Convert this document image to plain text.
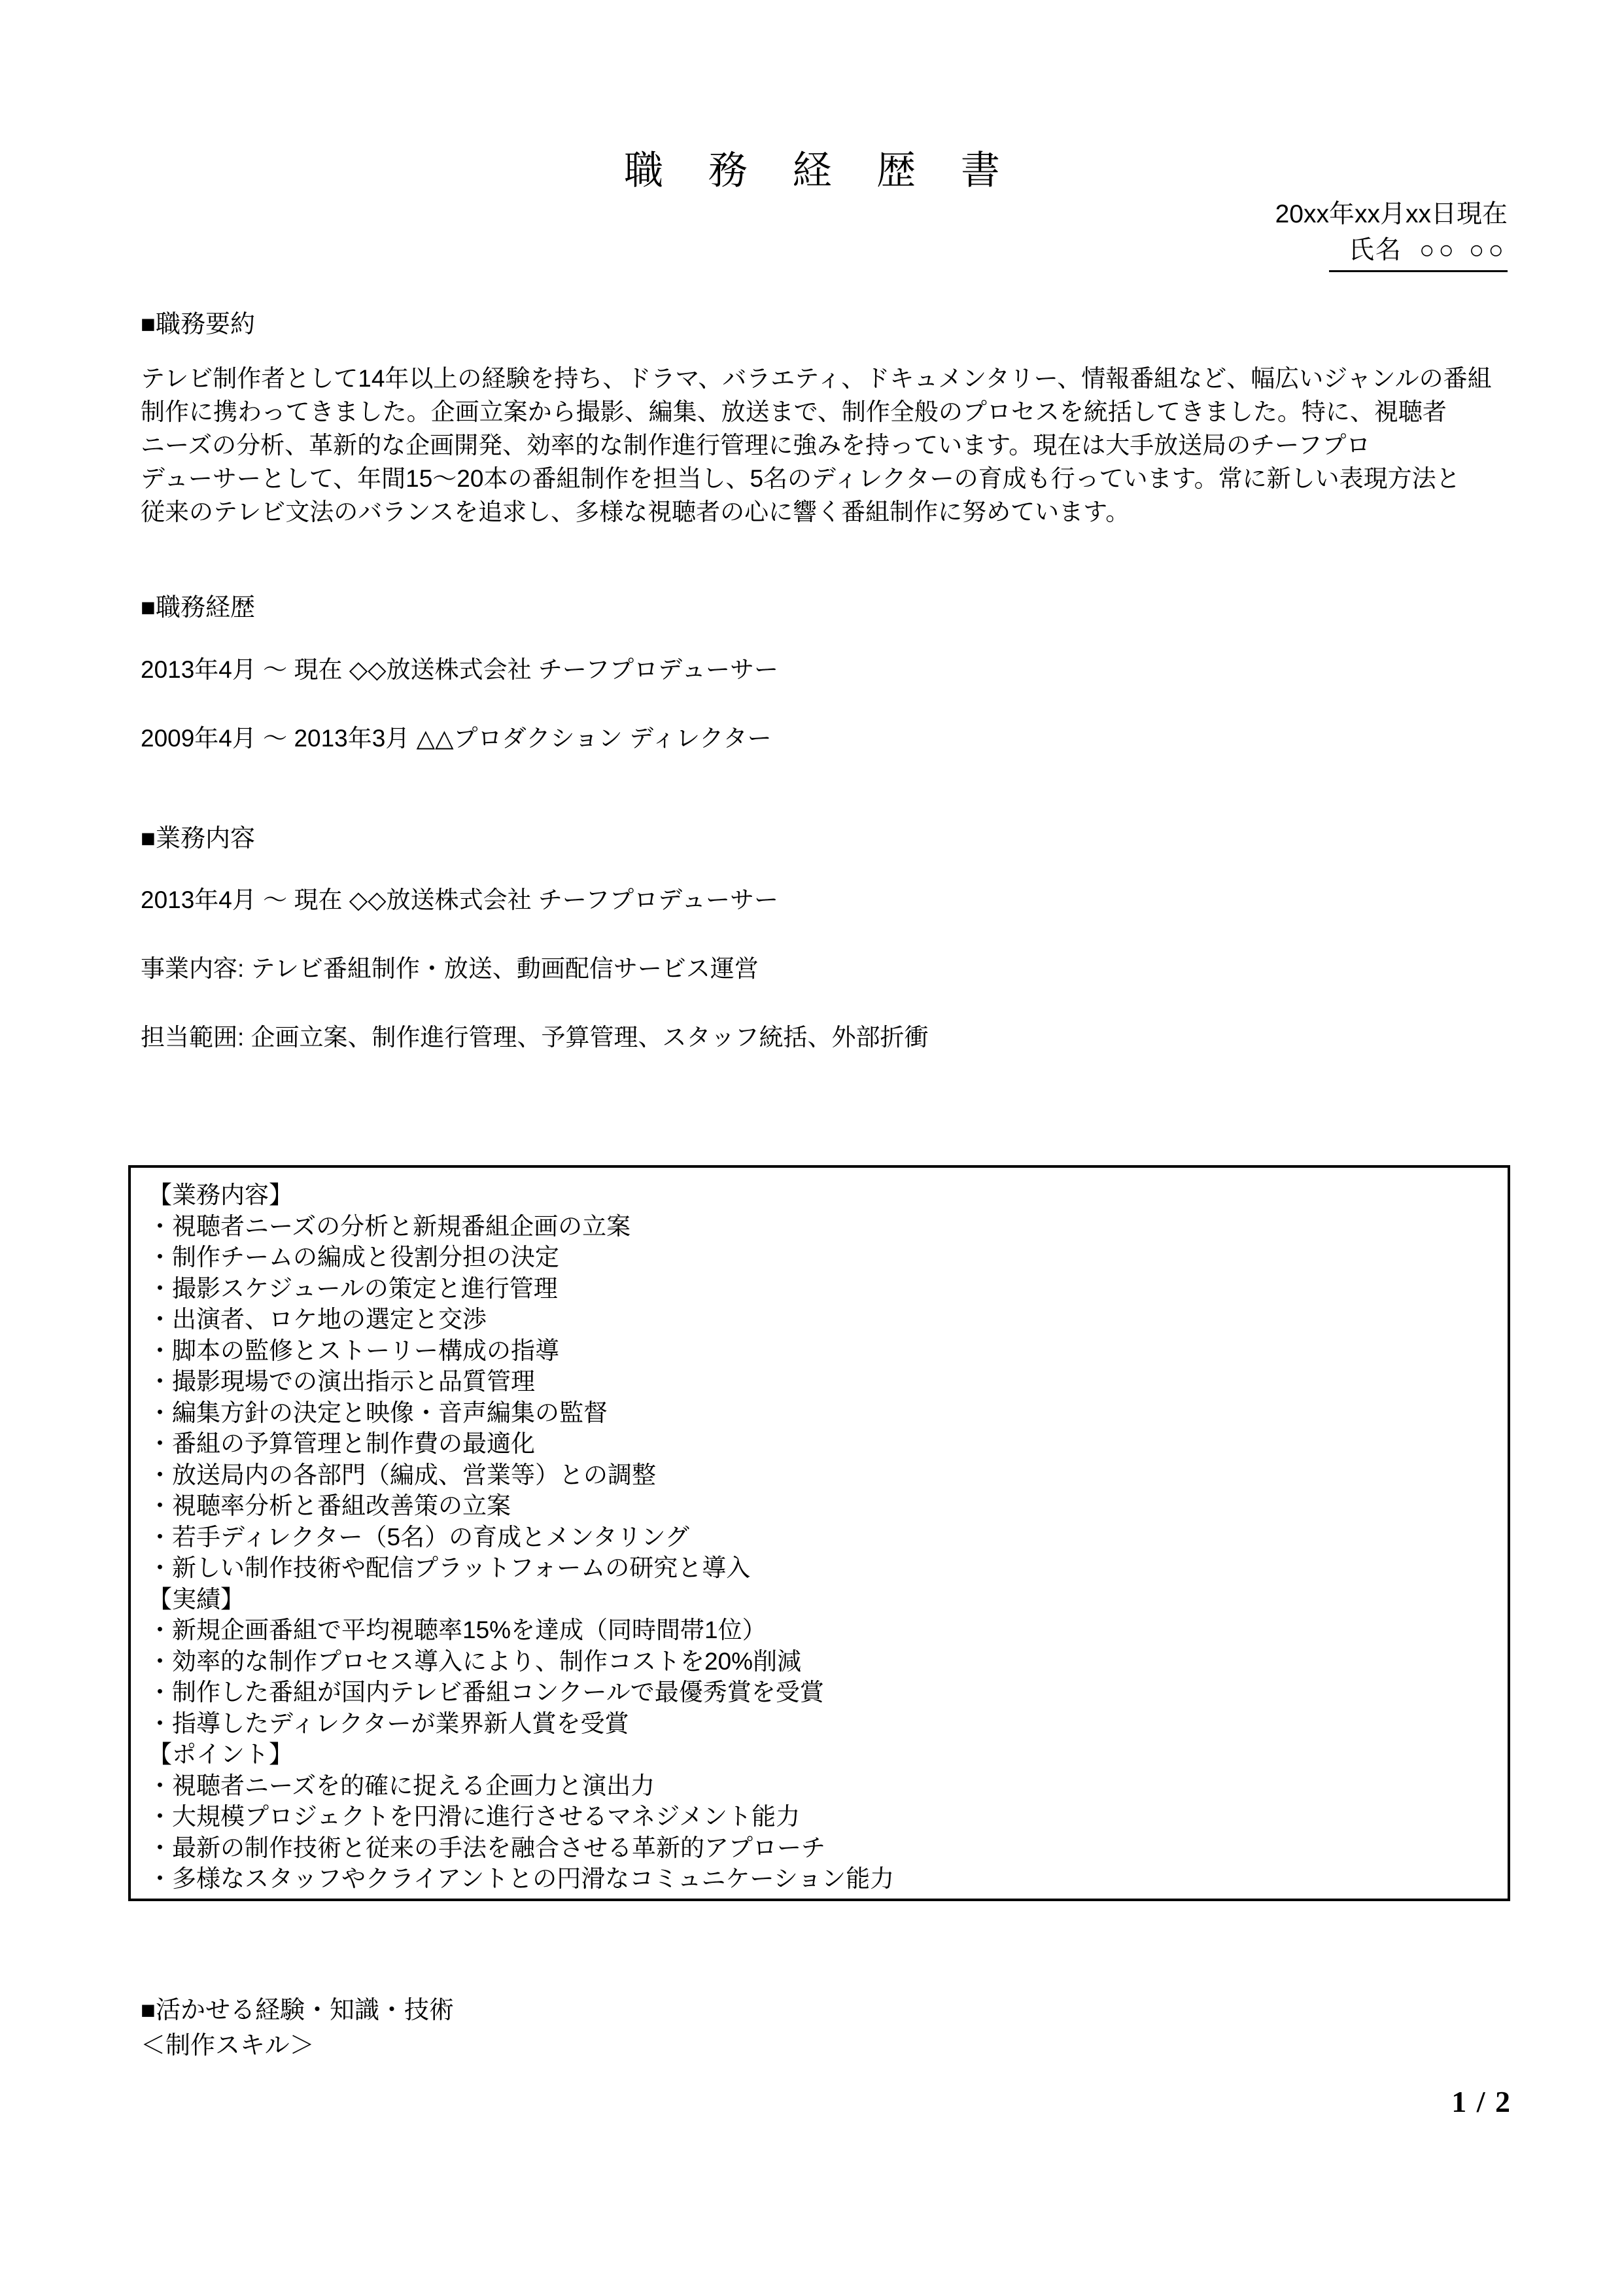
職 務 経 歴 書
20xx年xx月xx日現在
氏名 ○○ ○○
■職務要約
テレビ制作者として14年以上の経験を持ち、ドラマ、バラエティ、ドキュメンタリー、情報番組など、幅広いジャンルの番組
制作に携わってきました。企画立案から撮影、編集、放送まで、制作全般のプロセスを統括してきました。特に、視聴者
ニーズの分析、革新的な企画開発、効率的な制作進行管理に強みを持っています。現在は大手放送局のチーフプロ
デューサーとして、年間15〜20本の番組制作を担当し、5名のディレクターの育成も行っています。常に新しい表現方法と
従来のテレビ文法のバランスを追求し、多様な視聴者の心に響く番組制作に努めています。
■職務経歴
2013年4月 ～ 現在 ◇◇放送株式会社 チーフプロデューサー
2009年4月 ～ 2013年3月 △△プロダクション ディレクター
■業務内容
2013年4月 ～ 現在 ◇◇放送株式会社 チーフプロデューサー
事業内容: テレビ番組制作・放送、動画配信サービス運営
担当範囲: 企画立案、制作進行管理、予算管理、スタッフ統括、外部折衝
【業務内容】
・ 視聴者ニーズの分析と新規番組企画の立案
・ 制作チームの編成と役割分担の決定
・ 撮影スケジュールの策定と進行管理
・ 出演者、ロケ地の選定と交渉
・ 脚本の監修とストーリー構成の指導
・ 撮影現場での演出指示と品質管理
・ 編集方針の決定と映像・音声編集の監督
・ 番組の予算管理と制作費の最適化
・ 放送局内の各部門（編成、営業等）との調整
・ 視聴率分析と番組改善策の立案
・ 若手ディレクター（5名）の育成とメンタリング
・ 新しい制作技術や配信プラットフォームの研究と導入
【実績】
・ 新規企画番組で平均視聴率15%を達成（同時間帯1位）
・ 効率的な制作プロセス導入により、制作コストを20%削減
・ 制作した番組が国内テレビ番組コンクールで最優秀賞を受賞
・ 指導したディレクターが業界新人賞を受賞
【ポイント】
・ 視聴者ニーズを的確に捉える企画力と演出力
・ 大規模プロジェクトを円滑に進行させるマネジメント能力
・ 最新の制作技術と従来の手法を融合させる革新的アプローチ
・ 多様なスタッフやクライアントとの円滑なコミュニケーション能力
■活かせる経験・知識・技術
＜制作スキル＞
1 / 2
